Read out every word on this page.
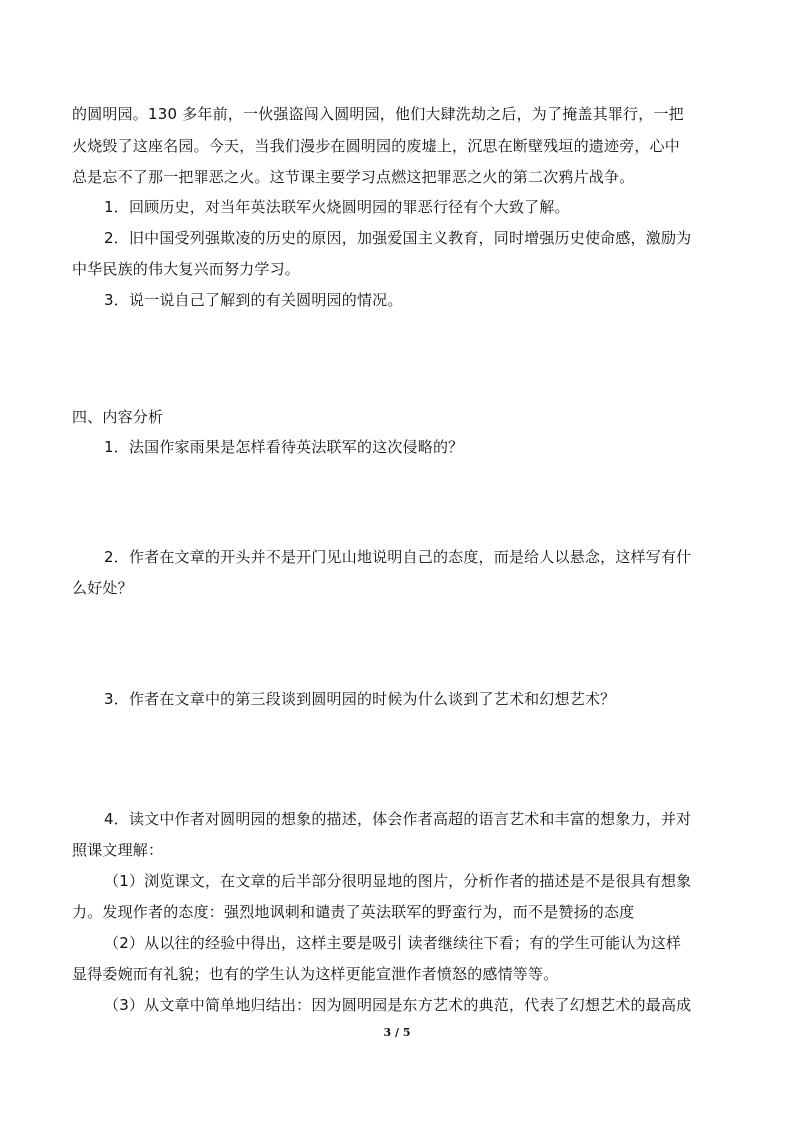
的圆明园。130 多年前，一伙强盗闯入圆明园，他们大肆洗劫之后，为了掩盖其罪行，一把
火烧毁了这座名园。今天，当我们漫步在圆明园的废墟上，沉思在断壁残垣的遗迹旁，心中
总是忘不了那一把罪恶之火。这节课主要学习点燃这把罪恶之火的第二次鸦片战争。
1．回顾历史，对当年英法联军火烧圆明园的罪恶行径有个大致了解。
2．旧中国受列强欺凌的历史的原因，加强爱国主义教育，同时增强历史使命感，激励为
中华民族的伟大复兴而努力学习。
3．说一说自己了解到的有关圆明园的情况。
四、内容分析
1．法国作家雨果是怎样看待英法联军的这次侵略的？
2．作者在文章的开头并不是开门见山地说明自己的态度，而是给人以悬念，这样写有什
么好处？
3．作者在文章中的第三段谈到圆明园的时候为什么谈到了艺术和幻想艺术？
4．读文中作者对圆明园的想象的描述，体会作者高超的语言艺术和丰富的想象力，并对
照课文理解：
（1）浏览课文，在文章的后半部分很明显地的图片，分析作者的描述是不是很具有想象
力。发现作者的态度：强烈地讽刺和谴责了英法联军的野蛮行为，而不是赞扬的态度
（2）从以往的经验中得出，这样主要是吸引 读者继续往下看；有的学生可能认为这样
显得委婉而有礼貌；也有的学生认为这样更能宣泄作者愤怒的感情等等。
（3）从文章中简单地归结出：因为圆明园是东方艺术的典范，代表了幻想艺术的最高成
3 / 5
